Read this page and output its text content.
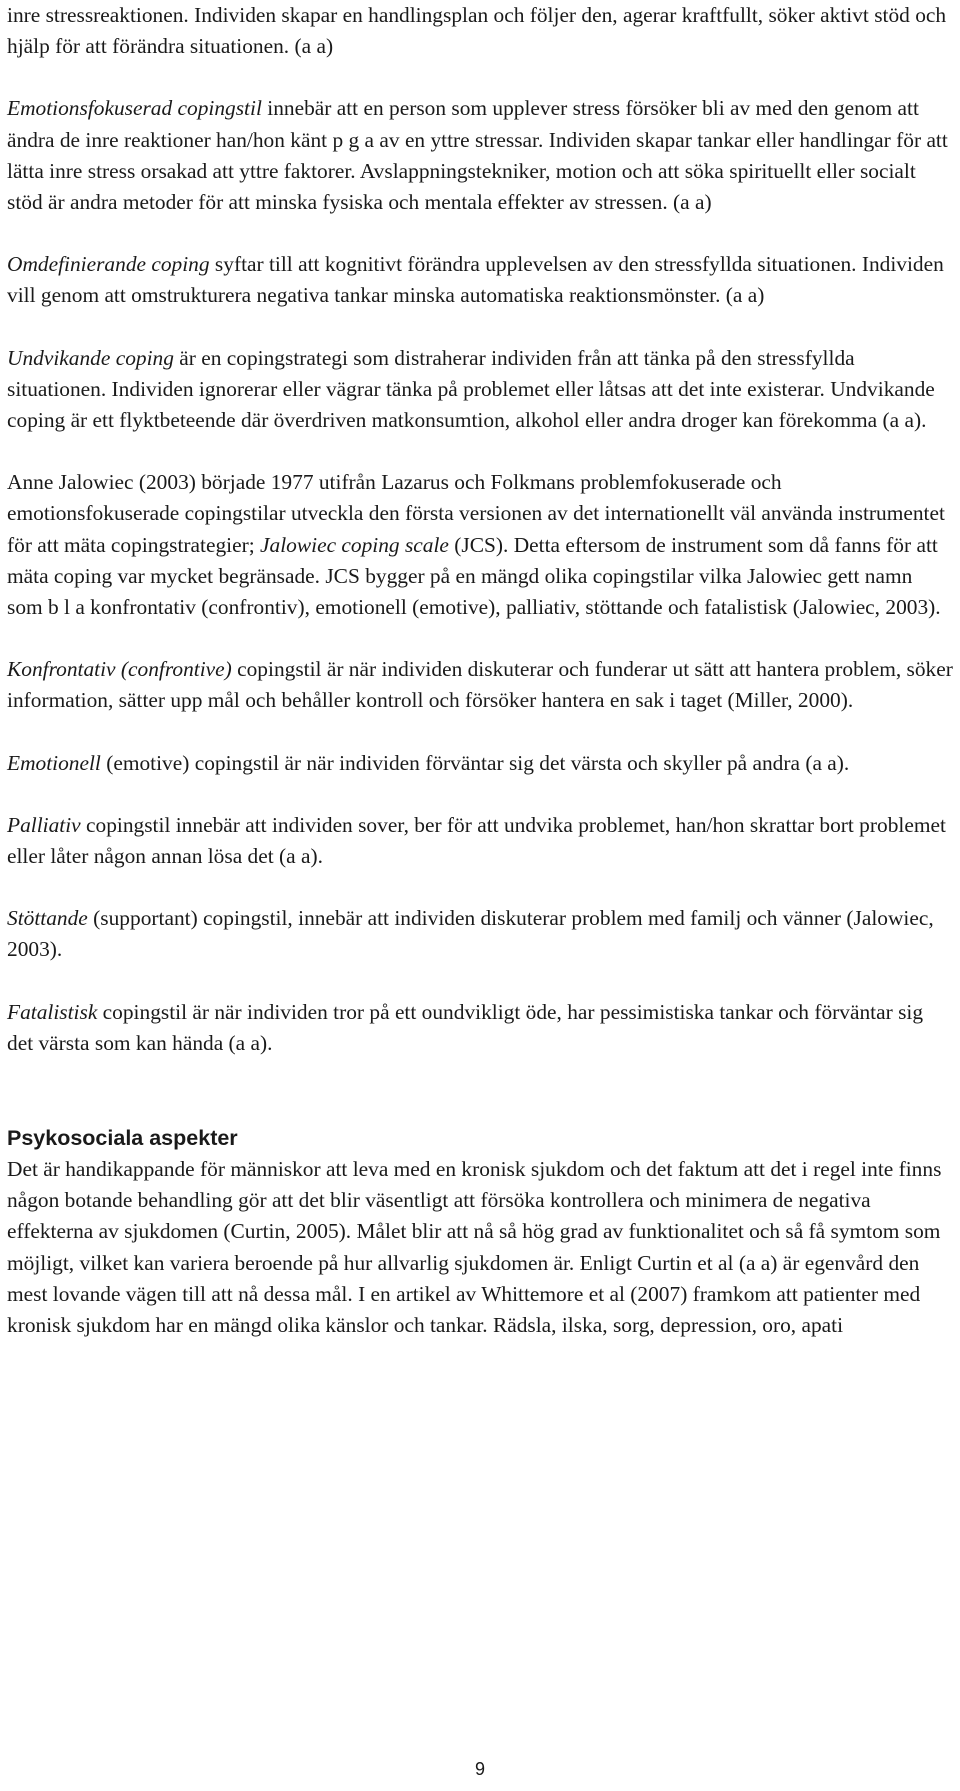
inre stressreaktionen. Individen skapar en handlingsplan och följer den, agerar kraftfullt, söker aktivt stöd och hjälp för att förändra situationen. (a a)

Emotionsfokuserad copingstil innebär att en person som upplever stress försöker bli av med den genom att ändra de inre reaktioner han/hon känt p g a av en yttre stressar. Individen skapar tankar eller handlingar för att lätta inre stress orsakad att yttre faktorer. Avslappningstekniker, motion och att söka spirituellt eller socialt stöd är andra metoder för att minska fysiska och mentala effekter av stressen. (a a)

Omdefinierande coping syftar till att kognitivt förändra upplevelsen av den stressfyllda situationen. Individen vill genom att omstrukturera negativa tankar minska automatiska reaktionsmönster. (a a)

Undvikande coping är en copingstrategi som distraherar individen från att tänka på den stressfyllda situationen. Individen ignorerar eller vägrar tänka på problemet eller låtsas att det inte existerar. Undvikande coping är ett flyktbeteende där överdriven matkonsumtion, alkohol eller andra droger kan förekomma (a a).

Anne Jalowiec (2003) började 1977 utifrån Lazarus och Folkmans problemfokuserade och emotionsfokuserade copingstilar utveckla den första versionen av det internationellt väl använda instrumentet för att mäta copingstrategier; Jalowiec coping scale (JCS). Detta eftersom de instrument som då fanns för att mäta coping var mycket begränsade. JCS bygger på en mängd olika copingstilar vilka Jalowiec gett namn som b l a konfrontativ (confrontiv), emotionell (emotive), palliativ, stöttande och fatalistisk (Jalowiec, 2003).

Konfrontativ (confrontive) copingstil är när individen diskuterar och funderar ut sätt att hantera problem, söker information, sätter upp mål och behåller kontroll och försöker hantera en sak i taget (Miller, 2000).

Emotionell (emotive) copingstil är när individen förväntar sig det värsta och skyller på andra (a a).

Palliativ copingstil innebär att individen sover, ber för att undvika problemet, han/hon skrattar bort problemet eller låter någon annan lösa det (a a).

Stöttande (supportant) copingstil, innebär att individen diskuterar problem med familj och vänner (Jalowiec, 2003).

Fatalistisk copingstil är när individen tror på ett oundvikligt öde, har pessimistiska tankar och förväntar sig det värsta som kan hända (a a).

Psykosociala aspekter

Det är handikappande för människor att leva med en kronisk sjukdom och det faktum att det i regel inte finns någon botande behandling gör att det blir väsentligt att försöka kontrollera och minimera de negativa effekterna av sjukdomen (Curtin, 2005). Målet blir att nå så hög grad av funktionalitet och så få symtom som möjligt, vilket kan variera beroende på hur allvarlig sjukdomen är. Enligt Curtin et al (a a) är egenvård den mest lovande vägen till att nå dessa mål. I en artikel av Whittemore et al (2007) framkom att patienter med kronisk sjukdom har en mängd olika känslor och tankar. Rädsla, ilska, sorg, depression, oro, apati

9
